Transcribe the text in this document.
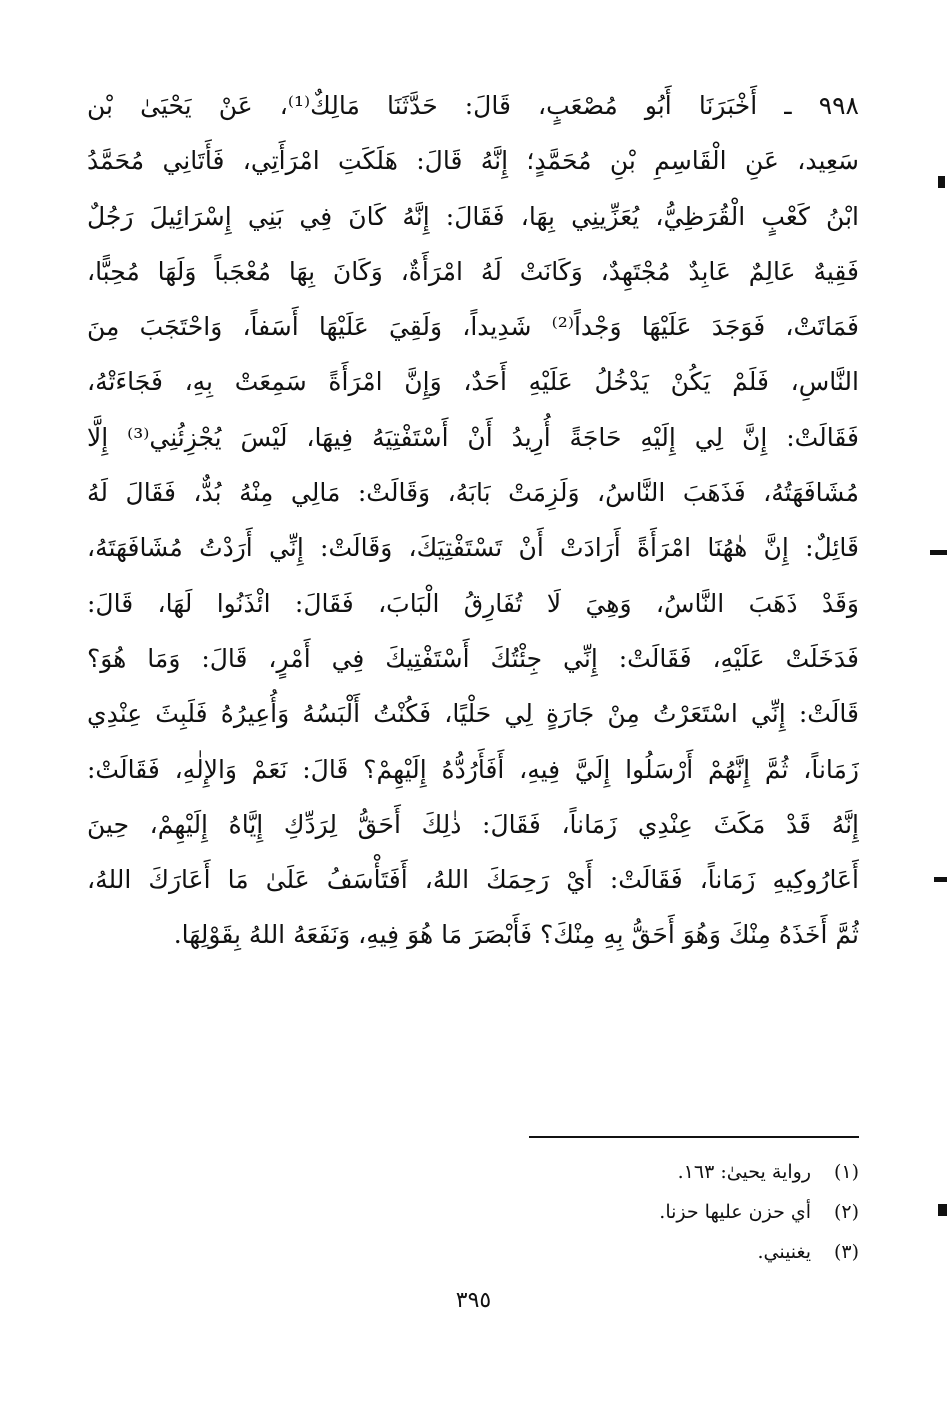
٩٩٨ ـ أَخْبَرَنَا أَبُو مُصْعَبٍ، قَالَ: حَدَّثَنَا مَالِكٌ⁽¹⁾، عَنْ يَحْيَىٰ بْن
سَعِيد، عَنِ الْقَاسِمِ بْنِ مُحَمَّدٍ؛ إِنَّهُ قَالَ: هَلَكَتِ امْرَأَتِي، فَأَتَانِي مُحَمَّدُ
ابْنُ كَعْبٍ الْقُرَظِيُّ، يُعَزِّينِي بِهَا، فَقَالَ: إِنَّهُ كَانَ فِي بَنِي إِسْرَائِيلَ رَجُلٌ
فَقِيهٌ عَالِمٌ عَابِدٌ مُجْتَهِدٌ، وَكَانَتْ لَهُ امْرَأَةٌ، وَكَانَ بِهَا مُعْجَباً وَلَهَا مُحِبًّا،
فَمَاتَتْ، فَوَجَدَ عَلَيْهَا وَجْداً⁽²⁾ شَدِيداً، وَلَقِيَ عَلَيْهَا أَسَفاً، وَاحْتَجَبَ مِنَ
النَّاسِ، فَلَمْ يَكُنْ يَدْخُلُ عَلَيْهِ أَحَدٌ، وَإِنَّ امْرَأَةً سَمِعَتْ بِهِ، فَجَاءَتْهُ،
فَقَالَتْ: إِنَّ لِي إِلَيْهِ حَاجَةً أُرِيدُ أَنْ أَسْتَفْتِيَهُ فِيهَا، لَيْسَ يُجْزِئُنِي⁽³⁾ إِلَّا
مُشَافَهَتُهُ، فَذَهَبَ النَّاسُ، وَلَزِمَتْ بَابَهُ، وَقَالَتْ: مَالِي مِنْهُ بُدٌّ، فَقَالَ لَهُ
قَائِلٌ: إِنَّ هٰهُنَا امْرَأَةً أَرَادَتْ أَنْ تَسْتَفْتِيَكَ، وَقَالَتْ: إِنِّي أَرَدْتُ مُشَافَهَتَهُ،
وَقَدْ ذَهَبَ النَّاسُ، وَهِيَ لَا تُفَارِقُ الْبَابَ، فَقَالَ: ائْذَنُوا لَهَا، قَالَ:
فَدَخَلَتْ عَلَيْهِ، فَقَالَتْ: إِنِّي جِئْتُكَ أَسْتَفْتِيكَ فِي أَمْرٍ، قَالَ: وَمَا هُوَ؟
قَالَتْ: إِنِّي اسْتَعَرْتُ مِنْ جَارَةٍ لِي حَلْيًا، فَكُنْتُ أَلْبَسُهُ وَأُعِيرُهُ فَلَبِثَ عِنْدِي
زَمَاناً، ثُمَّ إِنَّهُمْ أَرْسَلُوا إِلَيَّ فِيهِ، أَفَأَرُدُّهُ إِلَيْهِمْ؟ قَالَ: نَعَمْ وَالإِلٰهِ، فَقَالَتْ:
إِنَّهُ قَدْ مَكَثَ عِنْدِي زَمَاناً، فَقَالَ: ذٰلِكَ أَحَقُّ لِرَدِّكِ إِيَّاهُ إِلَيْهِمْ، حِينَ
أَعَارُوكِيهِ زَمَاناً، فَقَالَتْ: أَيْ رَحِمَكَ اللهُ، أَفَتَأْسَفُ عَلَىٰ مَا أَعَارَكَ اللهُ،
ثُمَّ أَخَذَهُ مِنْكَ وَهُوَ أَحَقُّ بِهِ مِنْكَ؟ فَأَبْصَرَ مَا هُوَ فِيهِ، وَنَفَعَهُ اللهُ بِقَوْلِهَا.
(١)
رواية يحيىٰ: ١٦٣.
(٢)
أي حزن عليها حزنا.
(٣)
يغنيني.
٣٩٥
